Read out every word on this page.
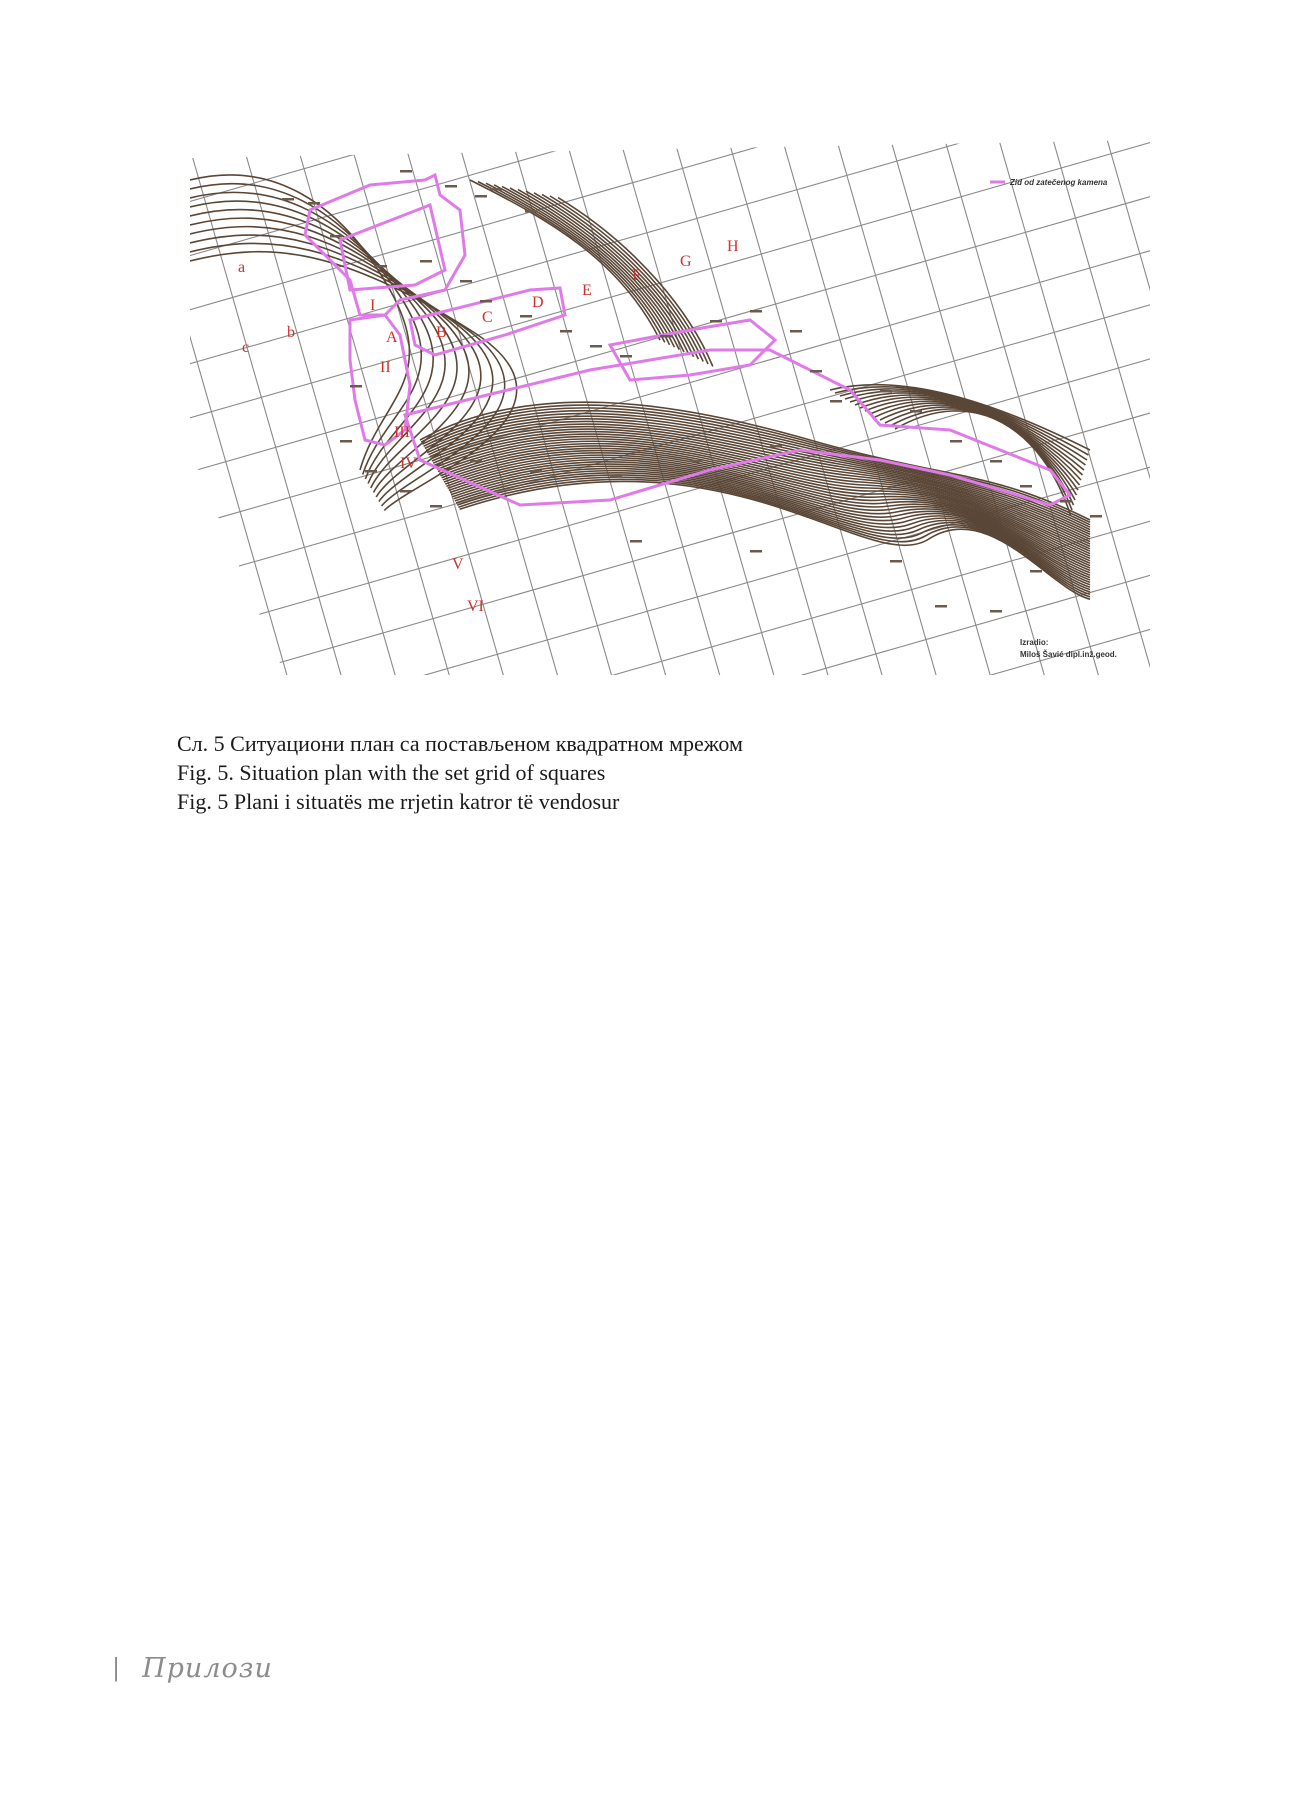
a
b
c
A B
C
D
E
F
G
H
I
II
III
IV
V
VI
Zid od zatečenog kamena
Izradio:
Miloš Šavić dipl.inž.geod.
Сл. 5 Ситуациони план са постављеном квадратном мрежом
Fig. 5. Situation plan with the set grid of squares
Fig. 5 Plani i situatës me rrjetin katror të vendosur
| Прилози
